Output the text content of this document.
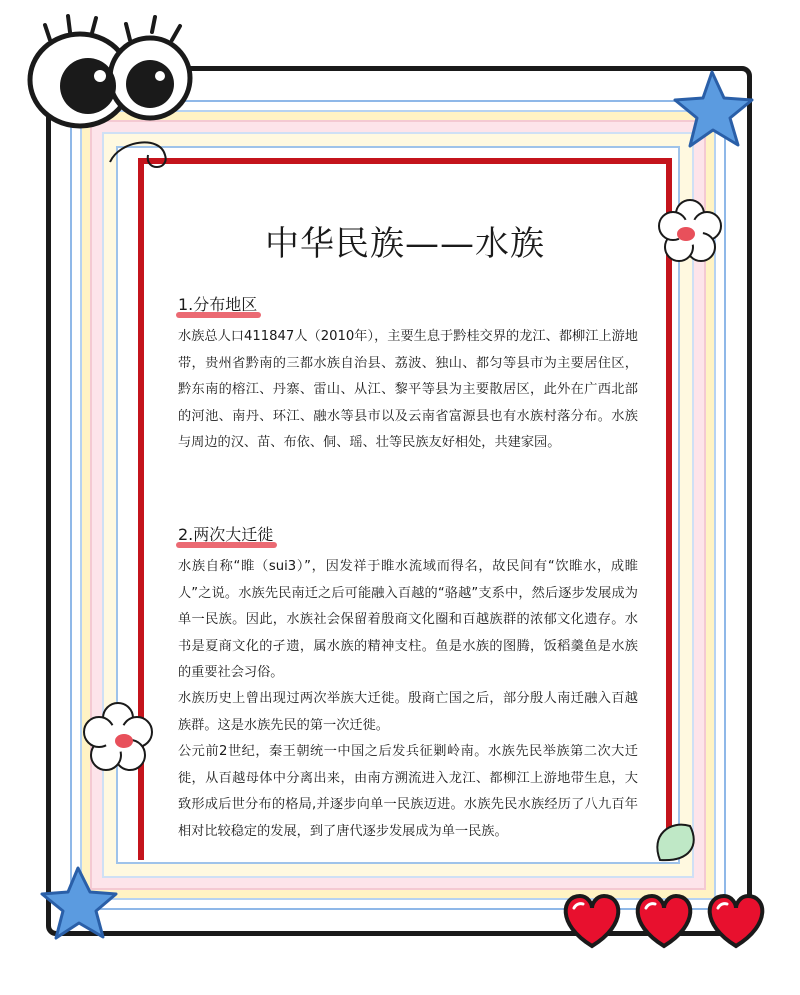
中华民族——水族
1.分布地区

水族总人口411847人（2010年），主要生息于黔桂交界的龙江、都柳江上游地带，贵州省黔南的三都水族自治县、荔波、独山、都匀等县市为主要居住区，黔东南的榕江、丹寨、雷山、从江、黎平等县为主要散居区，此外在广西北部的河池、南丹、环江、融水等县市以及云南省富源县也有水族村落分布。水族与周边的汉、苗、布依、侗、瑶、壮等民族友好相处，共建家园。

2.两次大迁徙

水族自称“睢（sui3）”，因发祥于睢水流域而得名，故民间有“饮睢水，成睢人”之说。水族先民南迁之后可能融入百越的“骆越”支系中，然后逐步发展成为单一民族。因此，水族社会保留着殷商文化圈和百越族群的浓郁文化遗存。水书是夏商文化的孑遗，属水族的精神支柱。鱼是水族的图腾，饭稻羹鱼是水族的重要社会习俗。

水族历史上曾出现过两次举族大迁徙。殷商亡国之后，部分殷人南迁融入百越族群。这是水族先民的第一次迁徙。

公元前2世纪，秦王朝统一中国之后发兵征剿岭南。水族先民举族第二次大迁徙，从百越母体中分离出来，由南方溯流进入龙江、都柳江上游地带生息，大致形成后世分布的格局,并逐步向单一民族迈进。水族先民水族经历了八九百年相对比较稳定的发展，到了唐代逐步发展成为单一民族。
